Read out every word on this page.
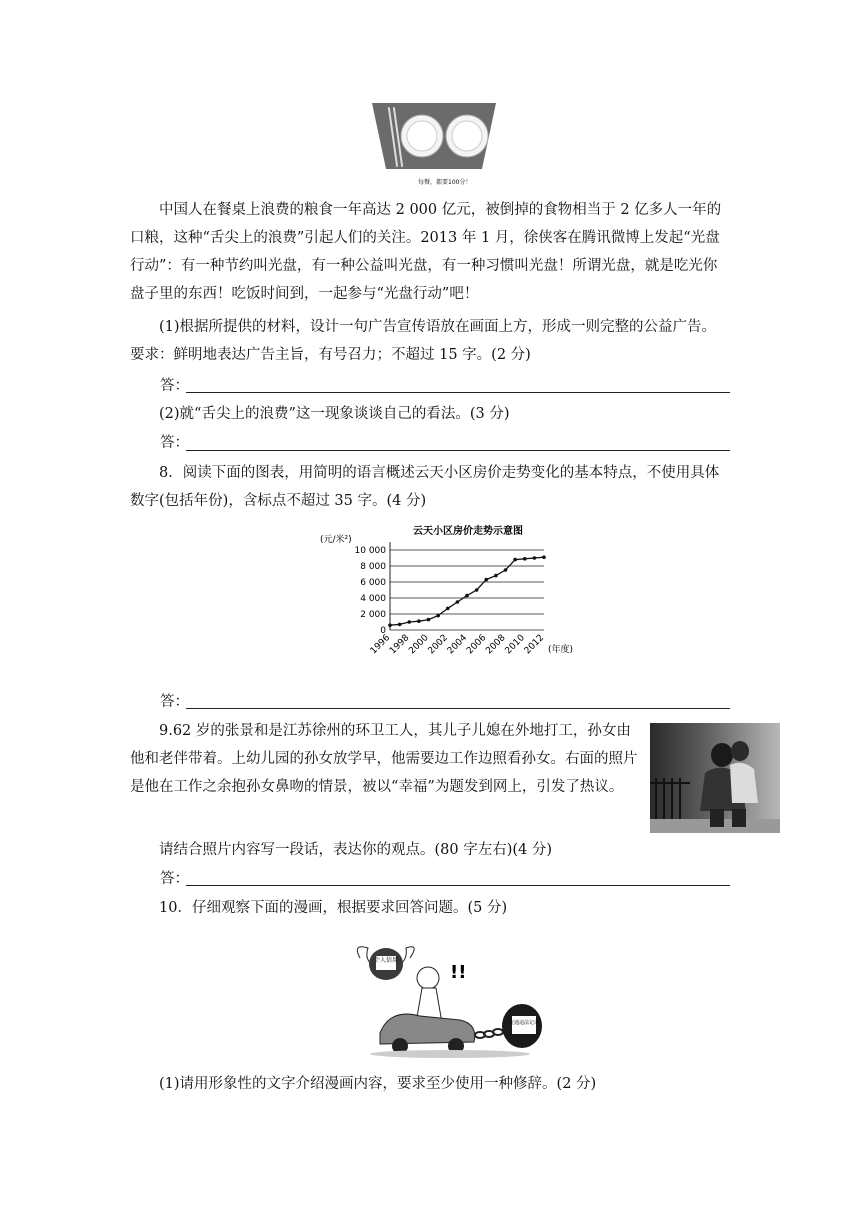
每餐，都要100分！
中国人在餐桌上浪费的粮食一年高达 2 000 亿元，被倒掉的食物相当于 2 亿多人一年的口粮，这种“舌尖上的浪费”引起人们的关注。2013 年 1 月，徐侠客在腾讯微博上发起“光盘行动”：有一种节约叫光盘，有一种公益叫光盘，有一种习惯叫光盘！所谓光盘，就是吃光你盘子里的东西！吃饭时间到，一起参与“光盘行动”吧！
(1)根据所提供的材料，设计一句广告宣传语放在画面上方，形成一则完整的公益广告。要求：鲜明地表达广告主旨，有号召力；不超过 15 字。(2 分)
答：
(2)就“舌尖上的浪费”这一现象谈谈自己的看法。(3 分)
答：
8．阅读下面的图表，用简明的语言概述云天小区房价走势变化的基本特点，不使用具体数字(包括年份)，含标点不超过 35 字。(4 分)
云天小区房价走势示意图
(元/米²)
0
2 000
4 000
6 000
8 000
10 000
1996
1998
2000
2002
2004
2006
2008
2010
2012 (年度)
答：
9.62 岁的张景和是江苏徐州的环卫工人，其儿子儿媳在外地打工，孙女由他和老伴带着。上幼儿园的孙女放学早，他需要边工作边照看孙女。右面的照片是他在工作之余抱孙女鼻吻的情景，被以“幸福”为题发到网上，引发了热议。
请结合照片内容写一段话，表达你的观点。(80 字左右)(4 分)
答：
10．仔细观察下面的漫画，根据要求回答问题。(5 分)
个人信用
!!
交通违法记录
(1)请用形象性的文字介绍漫画内容，要求至少使用一种修辞。(2 分)
